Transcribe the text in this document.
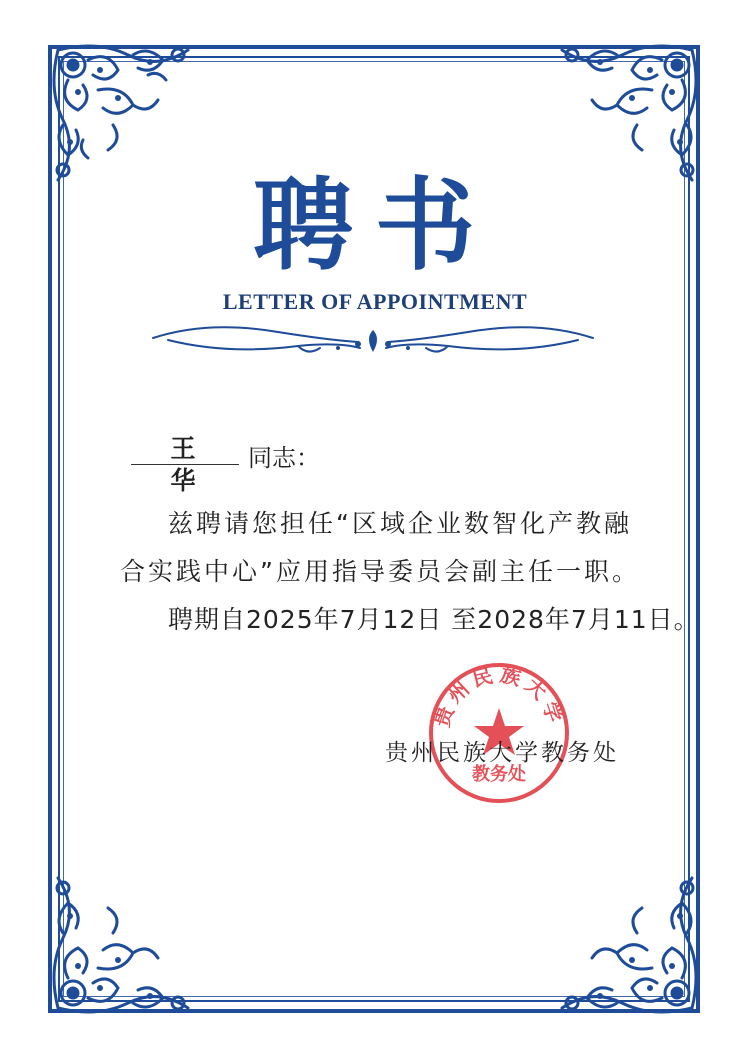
聘书
LETTER OF APPOINTMENT
王 华
同志：
兹聘请您担任“区域企业数智化产教融
合实践中心”应用指导委员会副主任一职。
聘期自2025年7月12日 至2028年7月11日。
贵州民族大学
教务处
贵州民族大学教务处
